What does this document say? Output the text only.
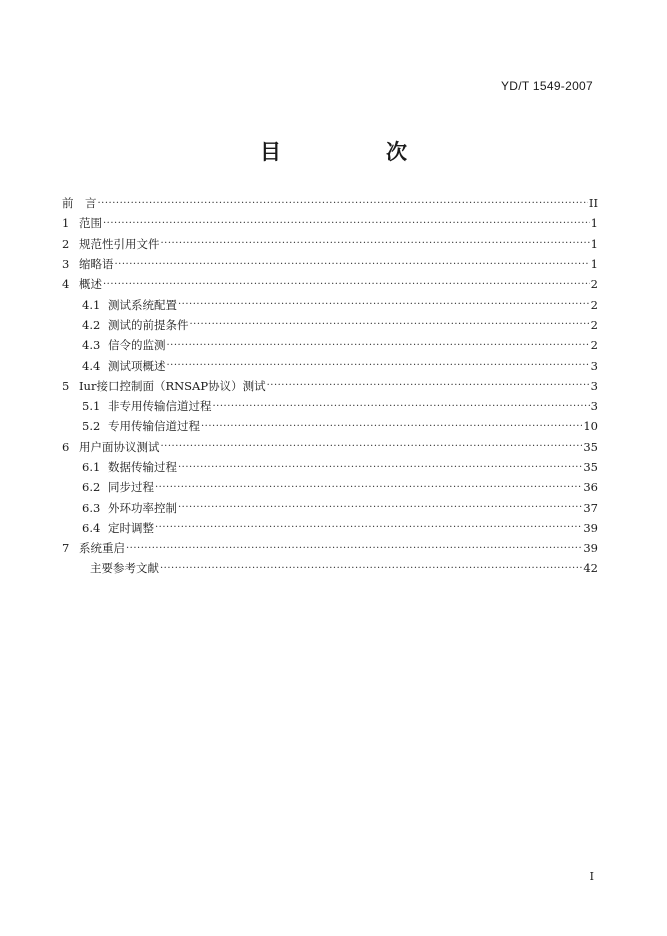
YD/T 1549-2007
目　次
前　言 ·····	II
1 范围 ·····	1
2 规范性引用文件 ·····	1
3 缩略语 ·····	1
4 概述 ·····	2
4.1 测试系统配置 ·····	2
4.2 测试的前提条件 ·····	2
4.3 信令的监测 ·····	2
4.4 测试项概述 ·····	3
5 Iur接口控制面（RNSAP协议）测试 ·····	3
5.1 非专用传输信道过程 ·····	3
5.2 专用传输信道过程 ·····	10
6 用户面协议测试 ·····	35
6.1 数据传输过程 ·····	35
6.2 同步过程 ·····	36
6.3 外环功率控制 ·····	37
6.4 定时调整 ·····	39
7 系统重启 ·····	39
主要参考文献 ·····	42
I
